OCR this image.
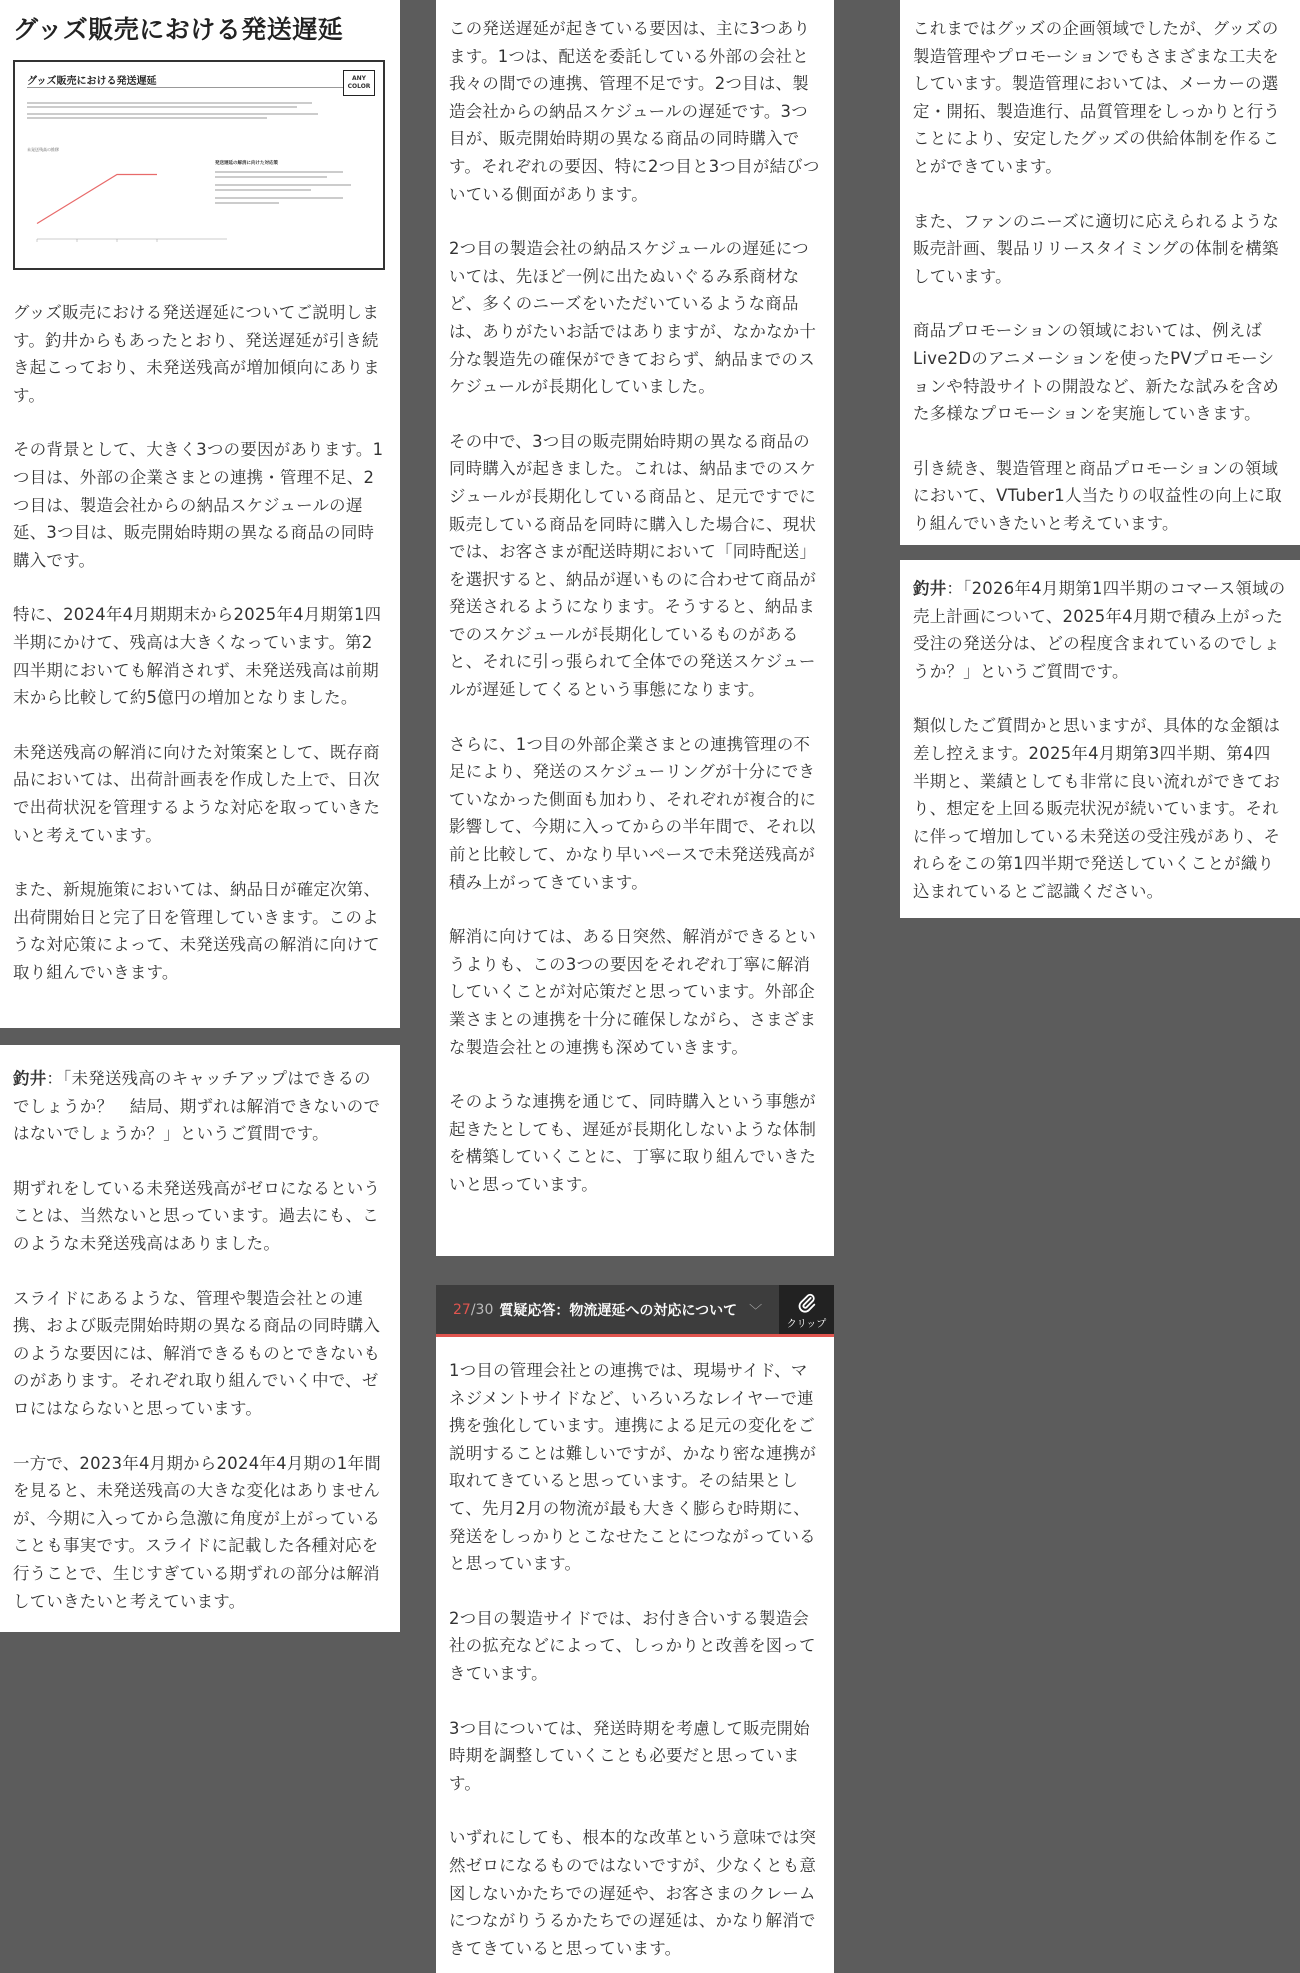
グッズ販売における発送遅延
グッズ販売における発送遅延	ANY
COLOR
未発送残高の推移
発送遅延の解消に向けた対応策

グッズ販売における発送遅延についてご説明します。釣井からもあったとおり、発送遅延が引き続き起こっており、未発送残高が増加傾向にあります。

その背景として、大きく3つの要因があります。1つ目は、外部の企業さまとの連携・管理不足、2つ目は、製造会社からの納品スケジュールの遅延、3つ目は、販売開始時期の異なる商品の同時購入です。

特に、2024年4月期期末から2025年4月期第1四半期にかけて、残高は大きくなっています。第2四半期においても解消されず、未発送残高は前期末から比較して約5億円の増加となりました。

未発送残高の解消に向けた対策案として、既存商品においては、出荷計画表を作成した上で、日次で出荷状況を管理するような対応を取っていきたいと考えています。

また、新規施策においては、納品日が確定次第、出荷開始日と完了日を管理していきます。このような対応策によって、未発送残高の解消に向けて取り組んでいきます。

釣井：「未発送残高のキャッチアップはできるのでしょうか？　結局、期ずれは解消できないのではないでしょうか？」というご質問です。

期ずれをしている未発送残高がゼロになるということは、当然ないと思っています。過去にも、このような未発送残高はありました。

スライドにあるような、管理や製造会社との連携、および販売開始時期の異なる商品の同時購入のような要因には、解消できるものとできないものがあります。それぞれ取り組んでいく中で、ゼロにはならないと思っています。

一方で、2023年4月期から2024年4月期の1年間を見ると、未発送残高の大きな変化はありませんが、今期に入ってから急激に角度が上がっていることも事実です。スライドに記載した各種対応を行うことで、生じすぎている期ずれの部分は解消していきたいと考えています。

この発送遅延が起きている要因は、主に3つあります。1つは、配送を委託している外部の会社と我々の間での連携、管理不足です。2つ目は、製造会社からの納品スケジュールの遅延です。3つ目が、販売開始時期の異なる商品の同時購入です。それぞれの要因、特に2つ目と3つ目が結びついている側面があります。

2つ目の製造会社の納品スケジュールの遅延については、先ほど一例に出たぬいぐるみ系商材など、多くのニーズをいただいているような商品は、ありがたいお話ではありますが、なかなか十分な製造先の確保ができておらず、納品までのスケジュールが長期化していました。

その中で、3つ目の販売開始時期の異なる商品の同時購入が起きました。これは、納品までのスケジュールが長期化している商品と、足元ですでに販売している商品を同時に購入した場合に、現状では、お客さまが配送時期において「同時配送」を選択すると、納品が遅いものに合わせて商品が発送されるようになります。そうすると、納品までのスケジュールが長期化しているものがあると、それに引っ張られて全体での発送スケジュールが遅延してくるという事態になります。

さらに、1つ目の外部企業さまとの連携管理の不足により、発送のスケジューリングが十分にできていなかった側面も加わり、それぞれが複合的に影響して、今期に入ってからの半年間で、それ以前と比較して、かなり早いペースで未発送残高が積み上がってきています。

解消に向けては、ある日突然、解消ができるというよりも、この3つの要因をそれぞれ丁寧に解消していくことが対応策だと思っています。外部企業さまとの連携を十分に確保しながら、さまざまな製造会社との連携も深めていきます。

そのような連携を通じて、同時購入という事態が起きたとしても、遅延が長期化しないような体制を構築していくことに、丁寧に取り組んでいきたいと思っています。

27/30 質疑応答：物流遅延への対応について ﹀
クリップ

1つ目の管理会社との連携では、現場サイド、マネジメントサイドなど、いろいろなレイヤーで連携を強化しています。連携による足元の変化をご説明することは難しいですが、かなり密な連携が取れてきていると思っています。その結果として、先月2月の物流が最も大きく膨らむ時期に、発送をしっかりとこなせたことにつながっていると思っています。

2つ目の製造サイドでは、お付き合いする製造会社の拡充などによって、しっかりと改善を図ってきています。

3つ目については、発送時期を考慮して販売開始時期を調整していくことも必要だと思っています。

いずれにしても、根本的な改革という意味では突然ゼロになるものではないですが、少なくとも意図しないかたちでの遅延や、お客さまのクレームにつながりうるかたちでの遅延は、かなり解消できてきていると思っています。

これまではグッズの企画領域でしたが、グッズの製造管理やプロモーションでもさまざまな工夫をしています。製造管理においては、メーカーの選定・開拓、製造進行、品質管理をしっかりと行うことにより、安定したグッズの供給体制を作ることができています。

また、ファンのニーズに適切に応えられるような販売計画、製品リリースタイミングの体制を構築しています。

商品プロモーションの領域においては、例えばLive2Dのアニメーションを使ったPVプロモーションや特設サイトの開設など、新たな試みを含めた多様なプロモーションを実施していきます。

引き続き、製造管理と商品プロモーションの領域において、VTuber1人当たりの収益性の向上に取り組んでいきたいと考えています。

釣井：「2026年4月期第1四半期のコマース領域の売上計画について、2025年4月期で積み上がった受注の発送分は、どの程度含まれているのでしょうか？」というご質問です。

類似したご質問かと思いますが、具体的な金額は差し控えます。2025年4月期第3四半期、第4四半期と、業績としても非常に良い流れができており、想定を上回る販売状況が続いています。それに伴って増加している未発送の受注残があり、それらをこの第1四半期で発送していくことが織り込まれているとご認識ください。
